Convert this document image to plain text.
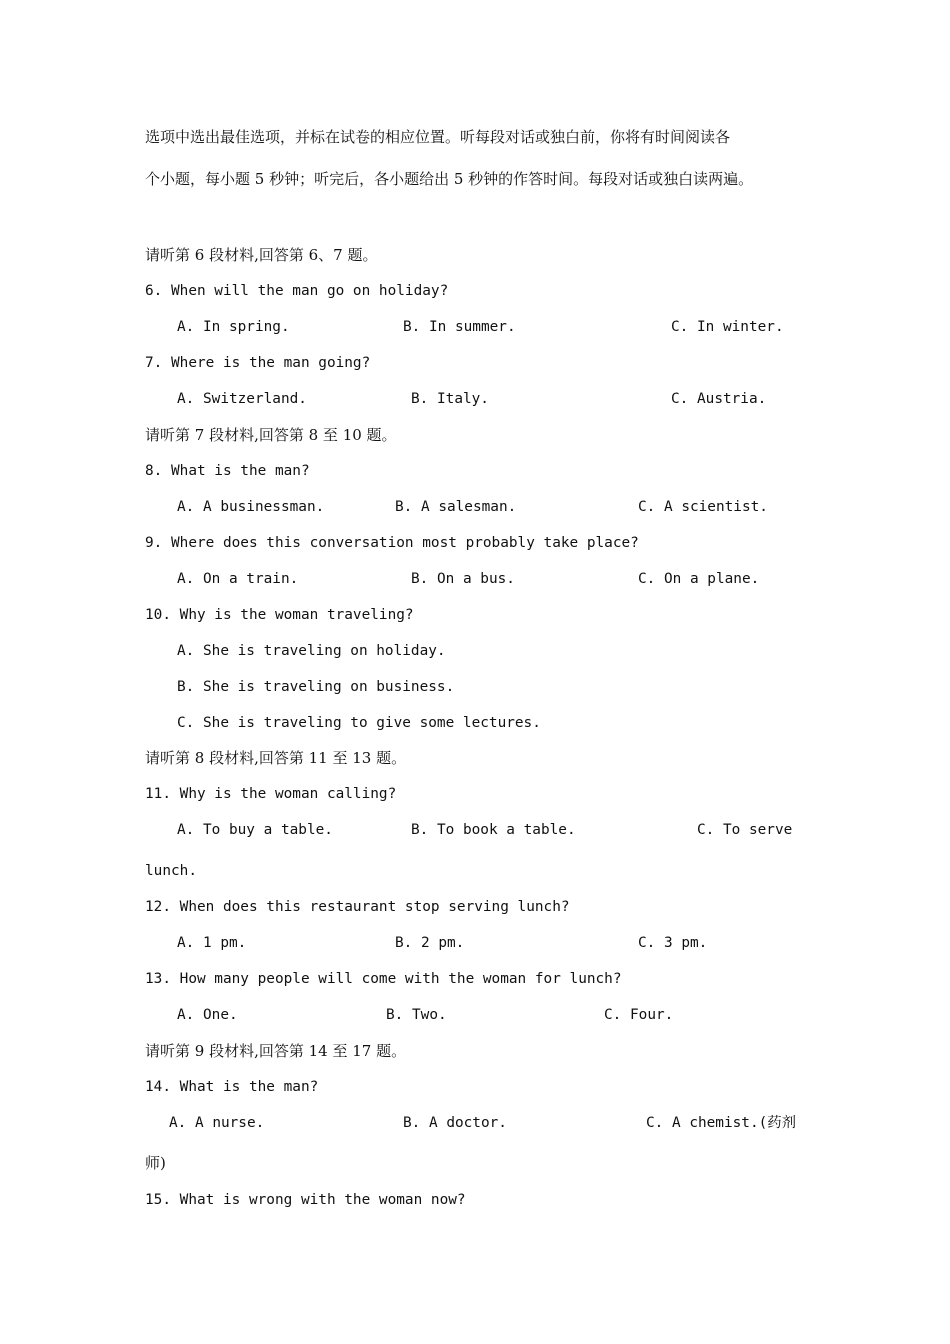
选项中选出最佳选项，并标在试卷的相应位置。听每段对话或独白前，你将有时间阅读各
个小题，每小题 5 秒钟；听完后，各小题给出 5 秒钟的作答时间。每段对话或独白读两遍。
请听第 6 段材料,回答第 6、7 题。
6. When will the man go on holiday?
A. In spring.	B. In summer.	C. In winter.
7. Where is the man going?
A. Switzerland.	B. Italy.	C. Austria.
请听第 7 段材料,回答第 8 至 10 题。
8. What is the man?
A. A businessman.	B. A salesman.	C. A scientist.
9. Where does this conversation most probably take place?
A. On a train.	B. On a bus.	C. On a plane.
10. Why is the woman traveling?
A. She is traveling on holiday.
B. She is traveling on business.
C. She is traveling to give some lectures.
请听第 8 段材料,回答第 11 至 13 题。
11. Why is the woman calling?
A. To buy a table.	B. To book a table.	C. To serve
lunch.
12. When does this restaurant stop serving lunch?
A. 1 pm.	B. 2 pm.	C. 3 pm.
13. How many people will come with the woman for lunch?
A. One.	B. Two.	C. Four.
请听第 9 段材料,回答第 14 至 17 题。
14. What is the man?
A. A nurse.	B. A doctor.	C. A chemist.(药剂
师)
15. What is wrong with the woman now?
